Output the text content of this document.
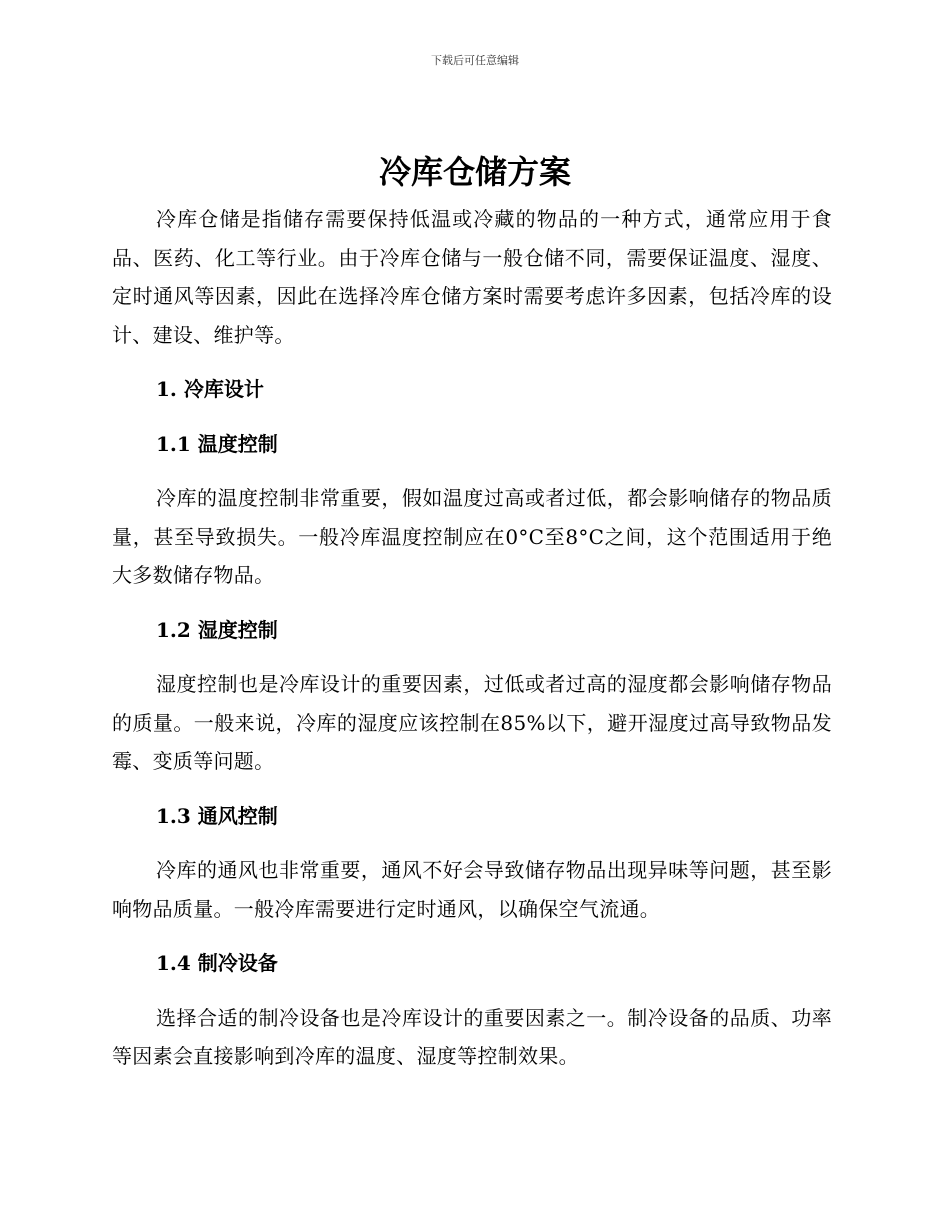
下载后可任意编辑
冷库仓储方案

冷库仓储是指储存需要保持低温或冷藏的物品的一种方式，通常应用于食品、医药、化工等行业。由于冷库仓储与一般仓储不同，需要保证温度、湿度、定时通风等因素，因此在选择冷库仓储方案时需要考虑许多因素，包括冷库的设计、建设、维护等。

1. 冷库设计

1.1 温度控制

冷库的温度控制非常重要，假如温度过高或者过低，都会影响储存的物品质量，甚至导致损失。一般冷库温度控制应在0°C至8°C之间，这个范围适用于绝大多数储存物品。

1.2 湿度控制

湿度控制也是冷库设计的重要因素，过低或者过高的湿度都会影响储存物品的质量。一般来说，冷库的湿度应该控制在85%以下，避开湿度过高导致物品发霉、变质等问题。

1.3 通风控制

冷库的通风也非常重要，通风不好会导致储存物品出现异味等问题，甚至影响物品质量。一般冷库需要进行定时通风，以确保空气流通。

1.4 制冷设备

选择合适的制冷设备也是冷库设计的重要因素之一。制冷设备的品质、功率等因素会直接影响到冷库的温度、湿度等控制效果。
